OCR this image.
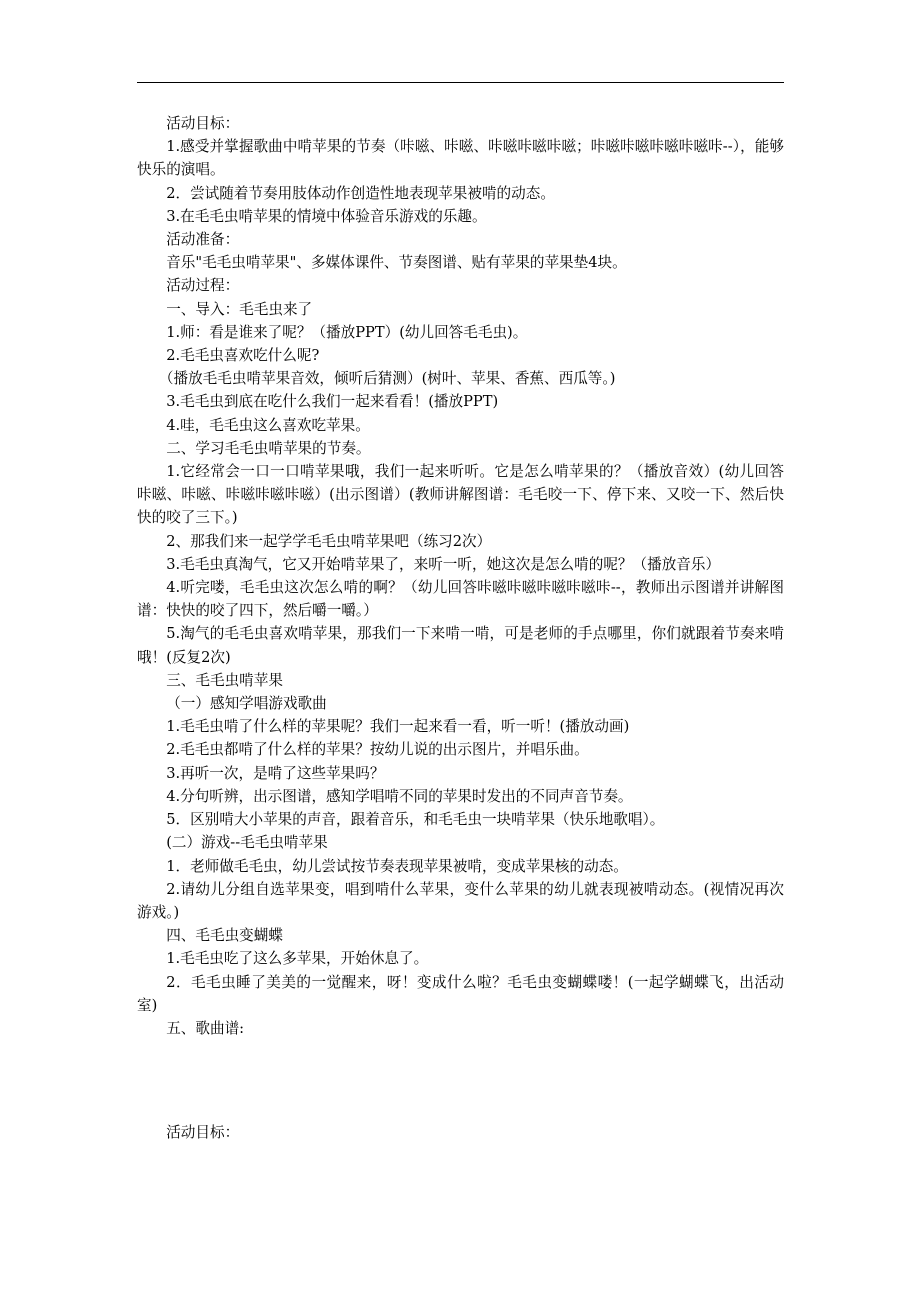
活动目标：

1.感受并掌握歌曲中啃苹果的节奏（咔嗞、咔嗞、咔嗞咔嗞咔嗞；咔嗞咔嗞咔嗞咔嗞咔--），能够快乐的演唱。

2．尝试随着节奏用肢体动作创造性地表现苹果被啃的动态。

3.在毛毛虫啃苹果的情境中体验音乐游戏的乐趣。

活动准备：

音乐"毛毛虫啃苹果"、多媒体课件、节奏图谱、贴有苹果的苹果垫4块。

活动过程：

一、导入：毛毛虫来了

1.师：看是谁来了呢？（播放PPT）(幼儿回答毛毛虫)。

2.毛毛虫喜欢吃什么呢?

（播放毛毛虫啃苹果音效，倾听后猜测）(树叶、苹果、香蕉、西瓜等。)

3.毛毛虫到底在吃什么我们一起来看看！(播放PPT)

4.哇，毛毛虫这么喜欢吃苹果。

二、学习毛毛虫啃苹果的节奏。

1.它经常会一口一口啃苹果哦，我们一起来听听。它是怎么啃苹果的？（播放音效）(幼儿回答咔嗞、咔嗞、咔嗞咔嗞咔嗞）(出示图谱）(教师讲解图谱：毛毛咬一下、停下来、又咬一下、然后快快的咬了三下。)

2、那我们来一起学学毛毛虫啃苹果吧（练习2次）

3.毛毛虫真淘气，它又开始啃苹果了，来听一听，她这次是怎么啃的呢？（播放音乐）

4.听完喽，毛毛虫这次怎么啃的啊？（幼儿回答咔嗞咔嗞咔嗞咔嗞咔--，教师出示图谱并讲解图谱：快快的咬了四下，然后嚼一嚼。）

5.淘气的毛毛虫喜欢啃苹果，那我们一下来啃一啃，可是老师的手点哪里，你们就跟着节奏来啃哦！(反复2次)

三、毛毛虫啃苹果

（一）感知学唱游戏歌曲

1.毛毛虫啃了什么样的苹果呢？我们一起来看一看，听一听！(播放动画)

2.毛毛虫都啃了什么样的苹果？按幼儿说的出示图片，并唱乐曲。

3.再听一次，是啃了这些苹果吗？

4.分句听辨，出示图谱，感知学唱啃不同的苹果时发出的不同声音节奏。

5．区别啃大小苹果的声音，跟着音乐，和毛毛虫一块啃苹果（快乐地歌唱）。

(二）游戏--毛毛虫啃苹果

1．老师做毛毛虫，幼儿尝试按节奏表现苹果被啃，变成苹果核的动态。

2.请幼儿分组自选苹果变，唱到啃什么苹果，变什么苹果的幼儿就表现被啃动态。(视情况再次游戏。)

四、毛毛虫变蝴蝶

1.毛毛虫吃了这么多苹果，开始休息了。

2．毛毛虫睡了美美的一觉醒来，呀！变成什么啦？毛毛虫变蝴蝶喽！(一起学蝴蝶飞，出活动室)

五、歌曲谱:

活动目标：
